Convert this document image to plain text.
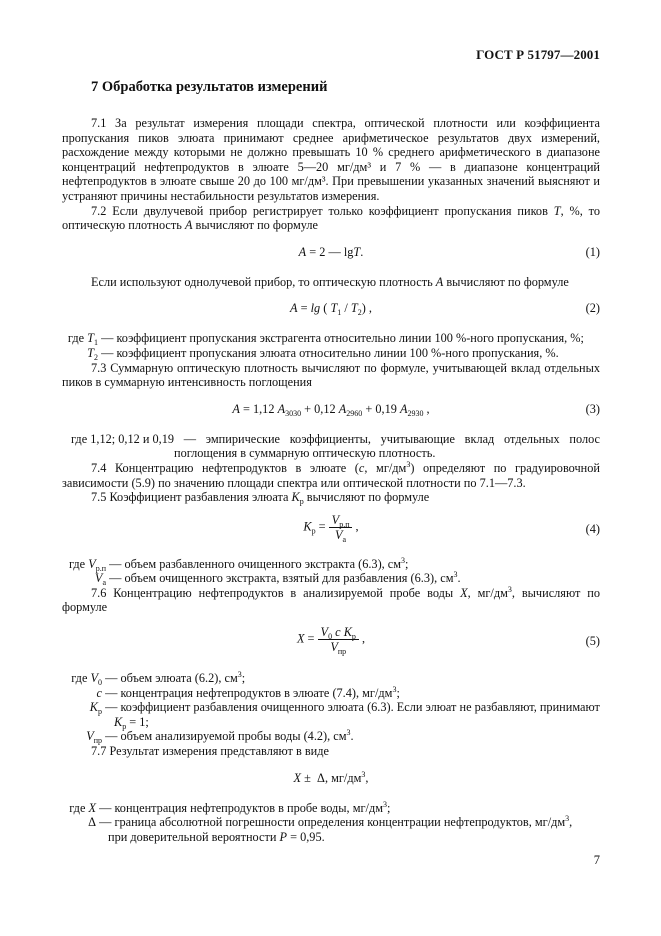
ГОСТ Р 51797—2001
7 Обработка результатов измерений

7.1 За результат измерения площади спектра, оптической плотности или коэффициента пропускания пиков элюата принимают среднее арифметическое результатов двух измерений, расхождение между которыми не должно превышать 10 % среднего арифметического в диапазоне концентраций нефтепродуктов в элюате 5—20 мг/дм³ и 7 % — в диапазоне концентраций нефтепродуктов в элюате свыше 20 до 100 мг/дм³. При превышении указанных значений выясняют и устраняют причины нестабильности результатов измерения.

7.2 Если двулучевой прибор регистрирует только коэффициент пропускания пиков T, %, то оптическую плотность A вычисляют по формуле

A = 2 — lgT.	(1)

Если используют однолучевой прибор, то оптическую плотность A вычисляют по формуле

A = lg ( $T_1 / T_2$) ,	(2)
где $T_1$ — коэффициент пропускания экстрагента относительно линии 100 %-ного пропускания, %;
$T_2$ — коэффициент пропускания элюата относительно линии 100 %-ного пропускания, %.

7.3 Суммарную оптическую плотность вычисляют по формуле, учитывающей вклад отдельных пиков в суммарную интенсивность поглощения

A = 1,12 $A_{3030} + 0,12$ $A_{2960} + 0,19$ $A_{2930}$ ,	(3)
где 1,12; 0,12 и 0,19 — эмпирические коэффициенты, учитывающие вклад отдельных полос поглощения в суммарную оптическую плотность.

7.4 Концентрацию нефтепродуктов в элюате (c, $мг/дм^3$) определяют по градуировочной зависимости (5.9) по значению площади спектра или оптической плотности по 7.1—7.3.

7.5 Коэффициент разбавления элюата $K_р$ вычисляют по формуле

$K_р = \frac{V_{р.п}}{V_а}$ ,	(4)
где $V_{р.п}$ — объем разбавленного очищенного экстракта (6.3), $см^3$;
$V_а$ — объем очищенного экстракта, взятый для разбавления (6.3), $см^3$.

7.6 Концентрацию нефтепродуктов в анализируемой пробе воды X, $мг/дм^3$, вычисляют по формуле

$X = \frac{V_0 c K_р}{V_{пр}}$ ,	(5)
где $V_0$ — объем элюата (6.2), $см^3$;
c — концентрация нефтепродуктов в элюате (7.4), $мг/дм^3$;
$K_р$ — коэффициент разбавления очищенного элюата (6.3). Если элюат не разбавляют, принимают
$K_р = 1$;
$V_{пр}$ — объем анализируемой пробы воды (4.2), $см^3$.

7.7 Результат измерения представляют в виде

X ±  Δ, $мг/дм^3$,
где X — концентрация нефтепродуктов в пробе воды, $мг/дм^3$;
Δ — граница абсолютной погрешности определения концентрации нефтепродуктов, $мг/дм^3$,
при доверительной вероятности P = 0,95.
7
